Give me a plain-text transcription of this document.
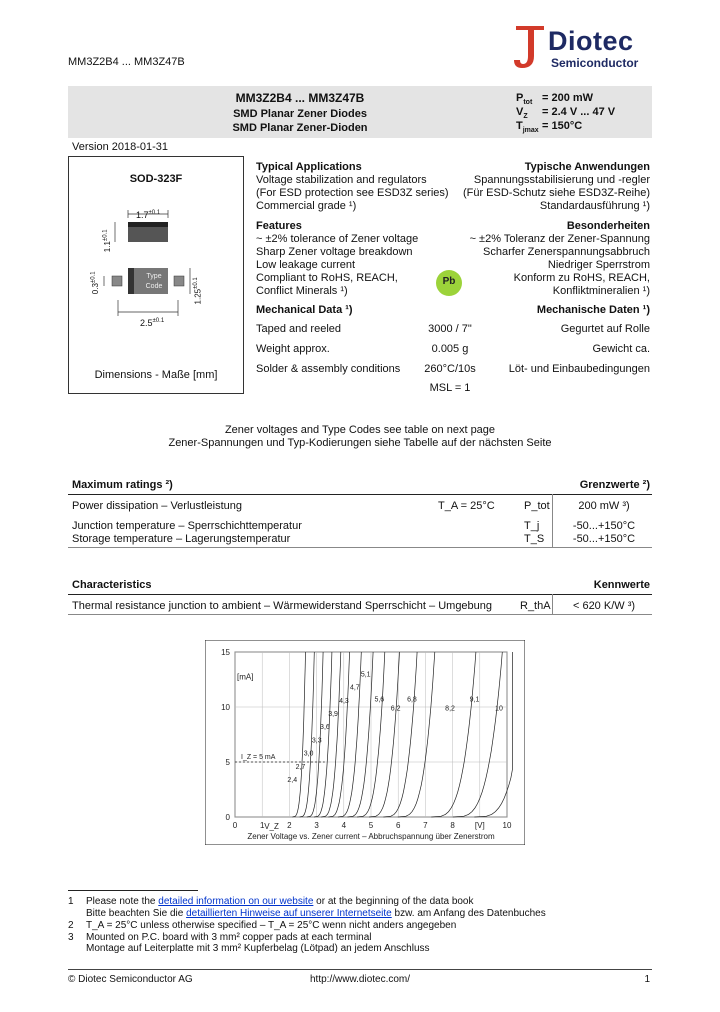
MM3Z2B4 ... MM3Z47B
Diotec
Semiconductor
MM3Z2B4 ... MM3Z47B
SMD Planar Zener Diodes
SMD Planar Zener-Dioden
$P_{tot} = 200$ mW
$V_Z = 2.4$ V ... 47 V
$T_{jmax} = 150^\circ C$
Version 2018-01-31
SOD-323F
$1.7^{\pm 0.1}$
$1.1^{\pm 0.1}$
$0.3^{\pm 0.1}$
$1.25^{\pm 0.1}$
$2.5^{\pm 0.1}$
Type
Code
Dimensions - Maße [mm]
Typical Applications	Typische Anwendungen
Voltage stabilization and regulators	Spannungsstabilisierung und -regler
(For ESD protection see ESD3Z series) (Für ESD-Schutz siehe ESD3Z-Reihe)
Commercial grade ¹)	Standardausführung ¹)
Features	Besonderheiten
~ ±2% tolerance of Zener voltage	~ ±2% Toleranz der Zener-Spannung
Sharp Zener voltage breakdown	Scharfer Zenerspannungsabbruch
Low leakage current	Niedriger Sperrstrom
Compliant to RoHS, REACH,	Konform zu RoHS, REACH,
Conflict Minerals ¹)	Konfliktmineralien ¹)
Pb
Mechanical Data ¹)	Mechanische Daten ¹)
Taped and reeled	3000 / 7"	Gegurtet auf Rolle
Weight approx.	0.005 g	Gewicht ca.
Solder & assembly conditions	260°C/10s	Löt- und Einbaubedingungen
MSL = 1
Zener voltages and Type Codes see table on next page
Zener-Spannungen und Typ-Kodierungen siehe Tabelle auf der nächsten Seite
Maximum ratings ²)	Grenzwerte ²)
Power dissipation – Verlustleistung	T_A = 25°C	P_tot	200 mW ³)
Junction temperature – Sperrschichttemperatur	T_j	-50...+150°C
Storage temperature – Lagerungstemperatur	T_S	-50...+150°C
Characteristics	Kennwerte
Thermal resistance junction to ambient – Wärmewiderstand Sperrschicht – Umgebung	R_thA	< 620 K/W ³)
0	1	2	3	4	5	6	7	8	[V] 10
0
5
10
15
[mA]
V_Z
I_Z = 5 mA
Zener Voltage vs. Zener current – Abbruchspannung über Zenerstrom
2,4
2,7
3,0
3,3
3,6
3,9
4,3
4,7
5,1
5,6
6,2
6,8
8,2
9,1
10
1 Please note the detailed information on our website or at the beginning of the data book
Bitte beachten Sie die detaillierten Hinweise auf unserer Internetseite bzw. am Anfang des Datenbuches
2 T_A = 25°C unless otherwise specified – T_A = 25°C wenn nicht anders angegeben
3 Mounted on P.C. board with 3 mm² copper pads at each terminal
Montage auf Leiterplatte mit 3 mm² Kupferbelag (Lötpad) an jedem Anschluss
© Diotec Semiconductor AG	http://www.diotec.com/	1
